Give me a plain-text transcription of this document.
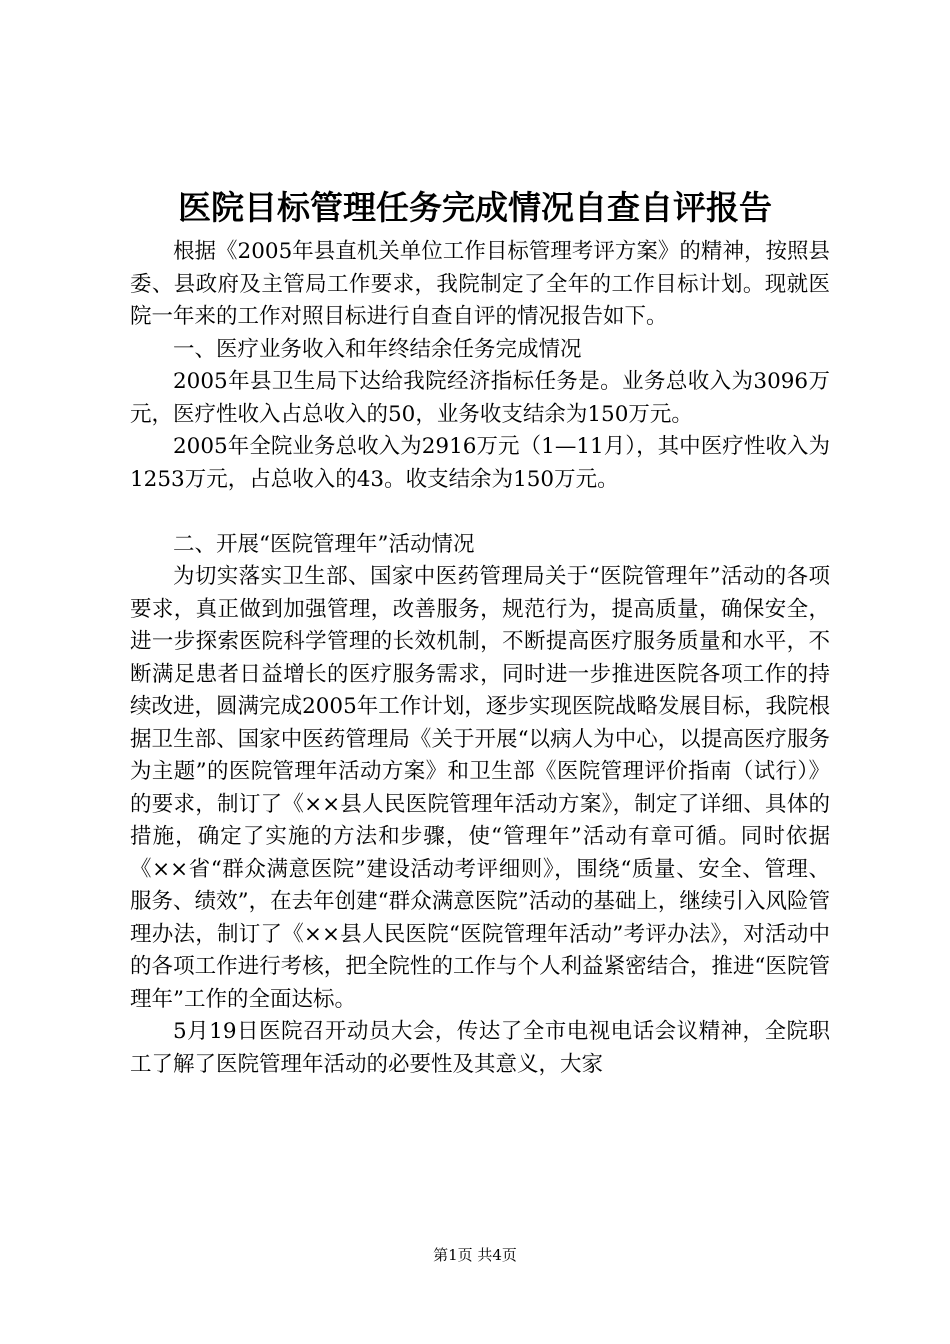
医院目标管理任务完成情况自查自评报告

根据《2005年县直机关单位工作目标管理考评方案》的精神，按照县委、县政府及主管局工作要求，我院制定了全年的工作目标计划。现就医院一年来的工作对照目标进行自查自评的情况报告如下。

一、医疗业务收入和年终结余任务完成情况

2005年县卫生局下达给我院经济指标任务是。业务总收入为3096万元，医疗性收入占总收入的50，业务收支结余为150万元。

2005年全院业务总收入为2916万元（1—11月），其中医疗性收入为1253万元，占总收入的43。收支结余为150万元。

二、开展“医院管理年”活动情况

为切实落实卫生部、国家中医药管理局关于“医院管理年”活动的各项要求，真正做到加强管理，改善服务，规范行为，提高质量，确保安全，进一步探索医院科学管理的长效机制，不断提高医疗服务质量和水平，不断满足患者日益增长的医疗服务需求，同时进一步推进医院各项工作的持续改进，圆满完成2005年工作计划，逐步实现医院战略发展目标，我院根据卫生部、国家中医药管理局《关于开展“以病人为中心，以提高医疗服务为主题”的医院管理年活动方案》和卫生部《医院管理评价指南（试行）》的要求，制订了《××县人民医院管理年活动方案》，制定了详细、具体的措施，确定了实施的方法和步骤，使“管理年”活动有章可循。同时依据《××省“群众满意医院”建设活动考评细则》，围绕“质量、安全、管理、服务、绩效”，在去年创建“群众满意医院”活动的基础上，继续引入风险管理办法，制订了《××县人民医院“医院管理年活动”考评办法》，对活动中的各项工作进行考核，把全院性的工作与个人利益紧密结合，推进“医院管理年”工作的全面达标。

5月19日医院召开动员大会，传达了全市电视电话会议精神，全院职工了解了医院管理年活动的必要性及其意义，大家

第1页 共4页
